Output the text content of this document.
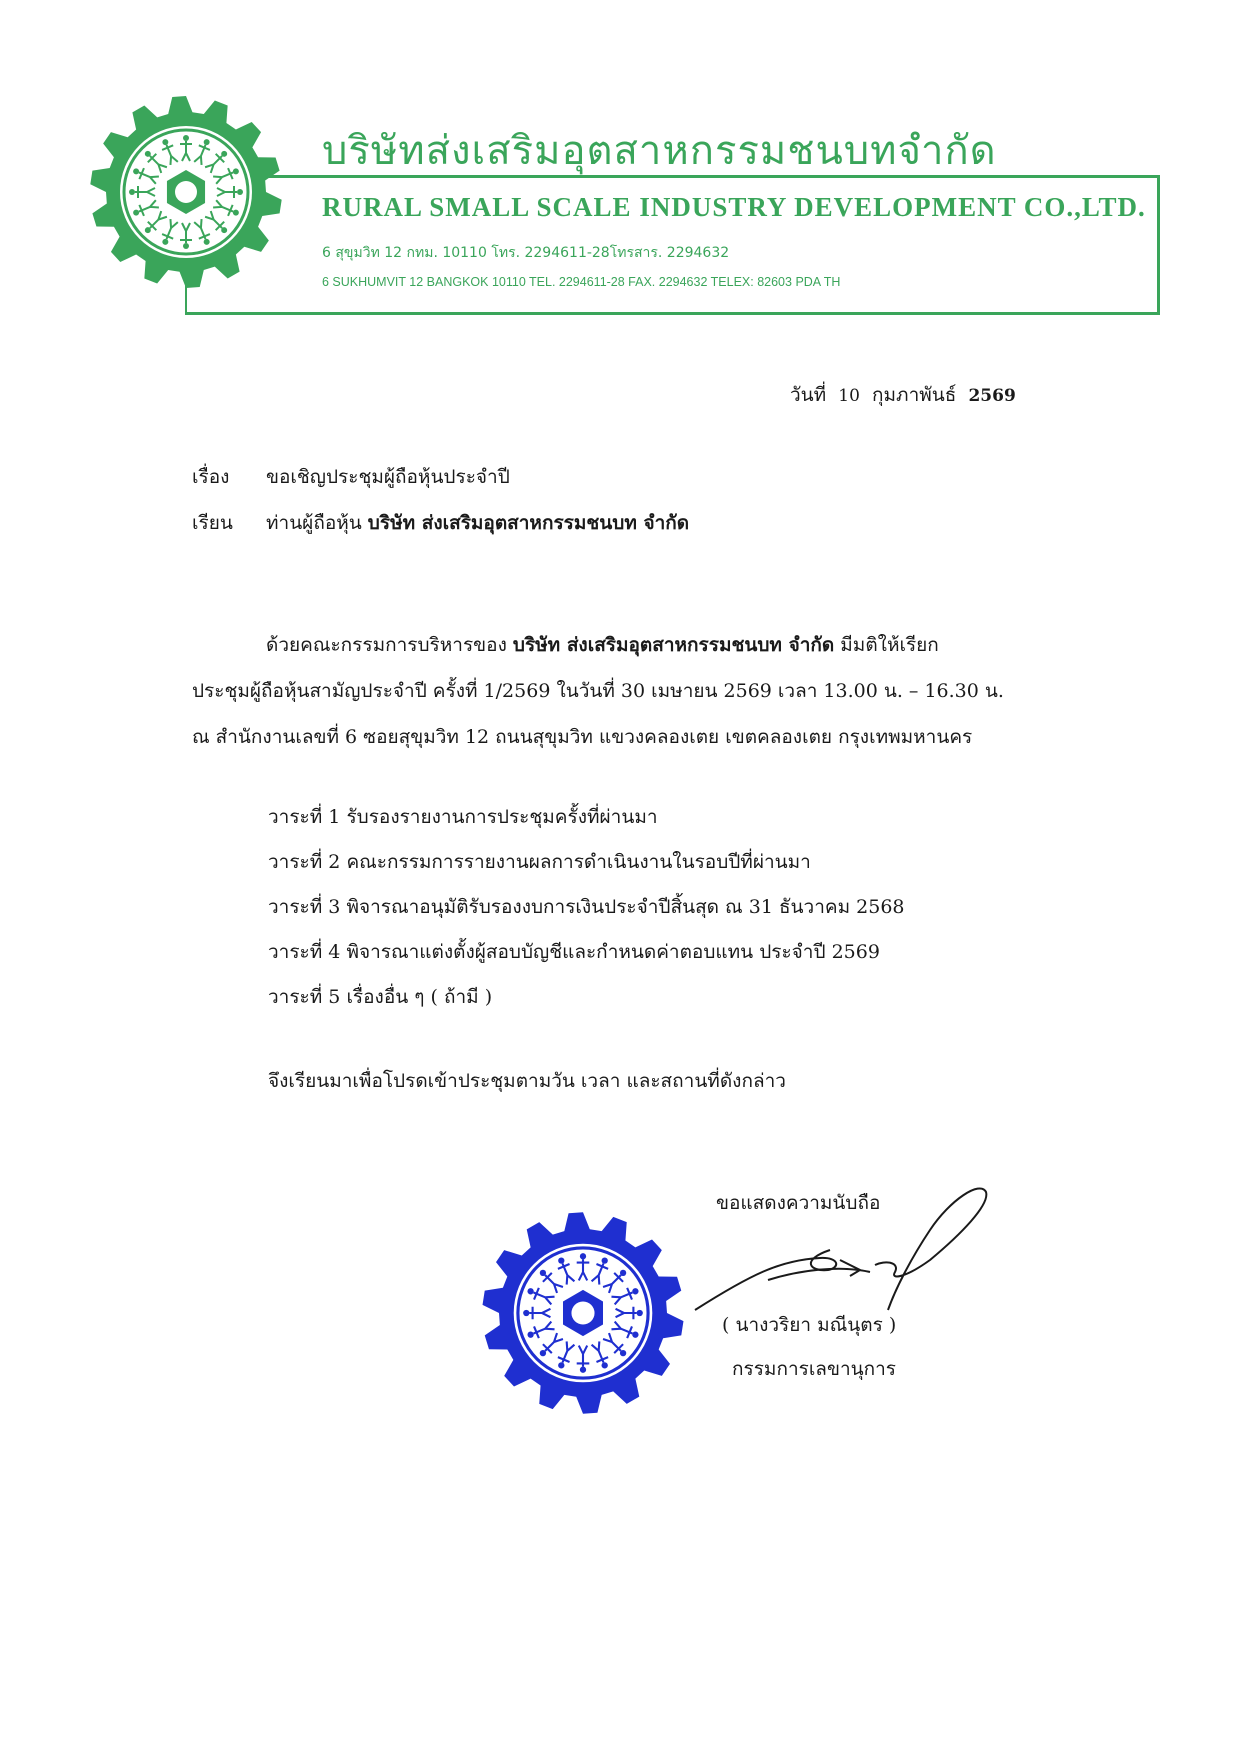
บริษัทส่งเสริมอุตสาหกรรมชนบทจำกัด
RURAL SMALL SCALE INDUSTRY DEVELOPMENT CO.,LTD.
6 สุขุมวิท 12 กทม. 10110 โทร. 2294611-28โทรสาร. 2294632
6 SUKHUMVIT 12 BANGKOK 10110 TEL. 2294611-28 FAX. 2294632 TELEX: 82603 PDA TH
วันที่ 10 กุมภาพันธ์ 2569
เรื่อง ขอเชิญประชุมผู้ถือหุ้นประจำปี
เรียน ท่านผู้ถือหุ้น บริษัท ส่งเสริมอุตสาหกรรมชนบท จำกัด
ด้วยคณะกรรมการบริหารของ บริษัท ส่งเสริมอุตสาหกรรมชนบท จำกัด มีมติให้เรียก
ประชุมผู้ถือหุ้นสามัญประจำปี ครั้งที่ 1/2569 ในวันที่ 30 เมษายน 2569 เวลา 13.00 น. – 16.30 น.
ณ สำนักงานเลขที่ 6 ซอยสุขุมวิท 12 ถนนสุขุมวิท แขวงคลองเตย เขตคลองเตย กรุงเทพมหานคร
วาระที่ 1 รับรองรายงานการประชุมครั้งที่ผ่านมา
วาระที่ 2 คณะกรรมการรายงานผลการดำเนินงานในรอบปีที่ผ่านมา
วาระที่ 3 พิจารณาอนุมัติรับรองงบการเงินประจำปีสิ้นสุด ณ 31 ธันวาคม 2568
วาระที่ 4 พิจารณาแต่งตั้งผู้สอบบัญชีและกำหนดค่าตอบแทน ประจำปี 2569
วาระที่ 5 เรื่องอื่น ๆ ( ถ้ามี )
จึงเรียนมาเพื่อโปรดเข้าประชุมตามวัน เวลา และสถานที่ดังกล่าว
ขอแสดงความนับถือ
( นางวริยา มณีนุตร )
กรรมการเลขานุการ
